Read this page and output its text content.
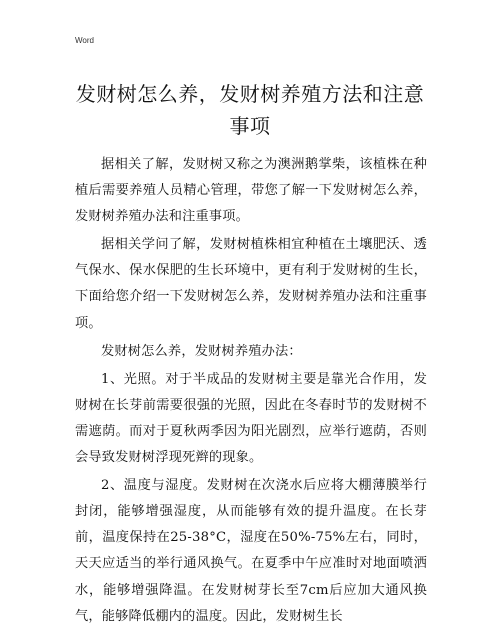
Word
发财树怎么养，发财树养殖方法和注意事项

据相关了解，发财树又称之为澳洲鹅掌柴，该植株在种植后需要养殖人员精心管理，带您了解一下发财树怎么养，发财树养殖办法和注重事项。

据相关学问了解，发财树植株相宜种植在土壤肥沃、透气保水、保水保肥的生长环境中，更有利于发财树的生长，下面给您介绍一下发财树怎么养，发财树养殖办法和注重事项。

发财树怎么养，发财树养殖办法：

1、光照。对于半成品的发财树主要是靠光合作用，发财树在长芽前需要很强的光照，因此在冬春时节的发财树不需遮荫。而对于夏秋两季因为阳光剧烈，应举行遮荫，否则会导致发财树浮现死辫的现象。

2、温度与湿度。发财树在次浇水后应将大棚薄膜举行封闭，能够增强湿度，从而能够有效的提升温度。在长芽前，温度保持在25-38°C，湿度在50%-75%左右，同时，天天应适当的举行通风换气。在夏季中午应准时对地面喷洒水，能够增强降温。在发财树芽长至7cm后应加大通风换气，能够降低棚内的温度。因此，发财树生长
